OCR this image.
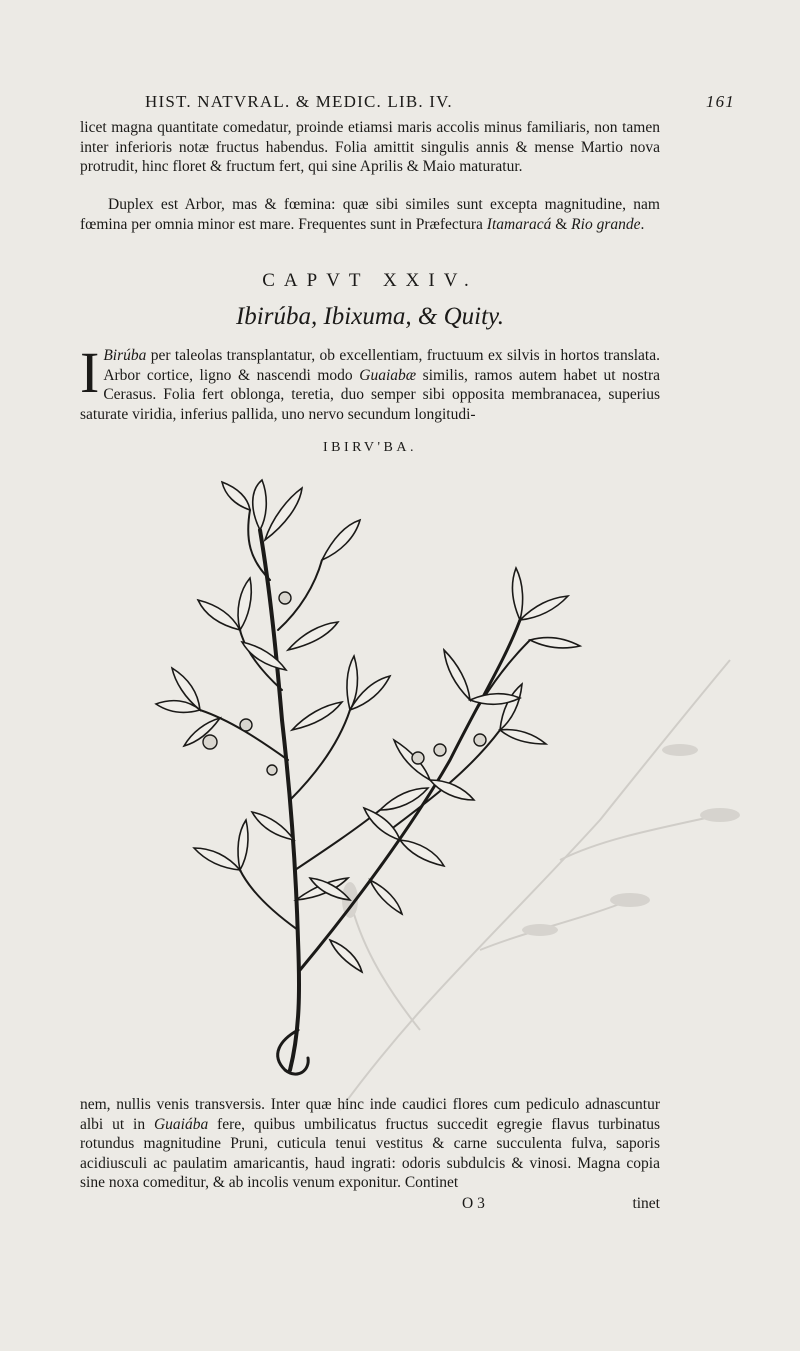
HIST. NATVRAL. & MEDIC. LIB. IV.	161
licet magna quantitate comedatur, proinde etiamsi maris accolis minus familiaris, non tamen inter inferioris notæ fructus habendus. Folia amittit singulis annis & mense Martio nova protrudit, hinc floret & fructum fert, qui sine Aprilis & Maio maturatur.
Duplex est Arbor, mas & fœmina: quæ sibi similes sunt excepta magnitudine, nam fœmina per omnia minor est mare. Frequentes sunt in Præfectura Itamaracá & Rio grande.
CAPVT XXIV.
Ibirúba, Ibixuma, & Quity.
I Birúba per taleolas transplantatur, ob excellentiam, fructuum ex silvis in hortos translata. Arbor cortice, ligno & nascendi modo Guaiabæ similis, ramos autem habet ut nostra Cerasus. Folia fert oblonga, teretia, duo semper sibi opposita membranacea, superius saturate viridia, inferius pallida, uno nervo secundum longitudi-
IBIRV'BA.
nem, nullis venis transversis. Inter quæ hinc inde caudici flores cum pediculo adnascuntur albi ut in Guaiába fere, quibus umbilicatus fructus succedit egregie flavus turbinatus rotundus magnitudine Pruni, cuticula tenui vestitus & carne succulenta fulva, saporis acidiusculi ac paulatim amaricantis, haud ingrati: odoris subdulcis & vinosi. Magna copia sine noxa comeditur, & ab incolis venum exponitur. Continet
O 3	tinet
